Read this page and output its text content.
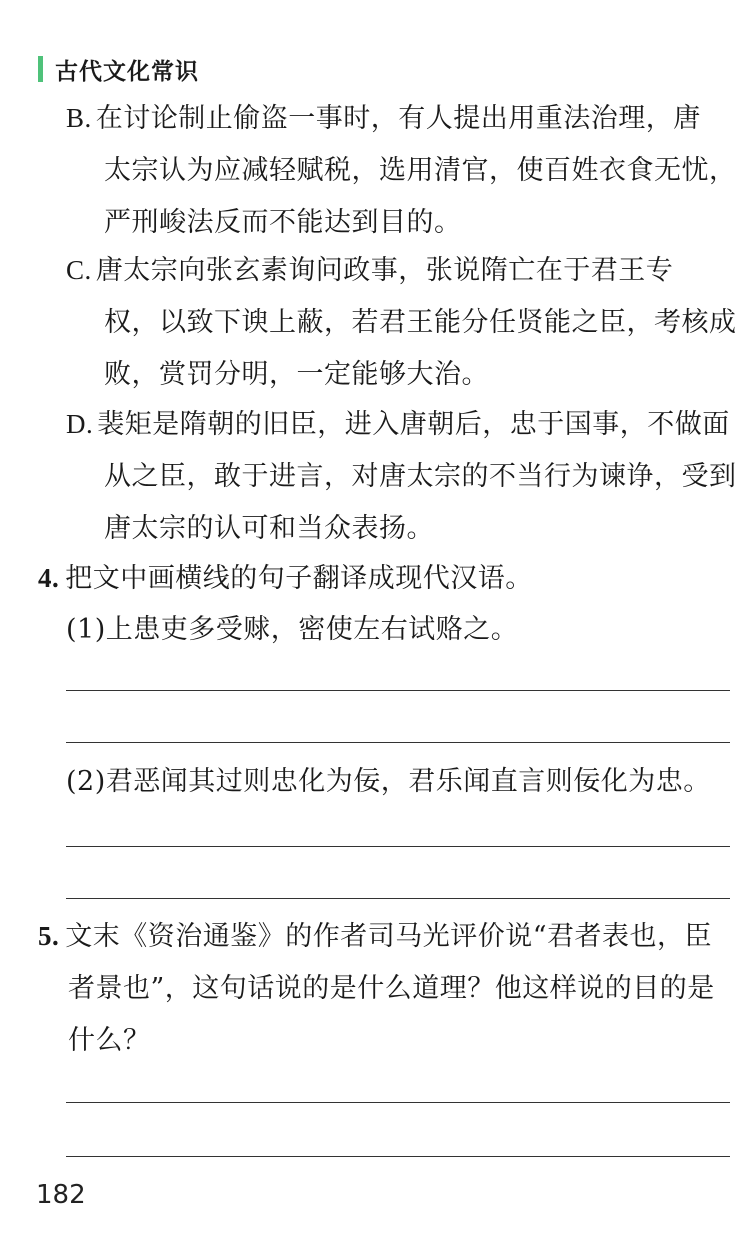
古代文化常识
B. 在讨论制止偷盗一事时，有人提出用重法治理，唐
太宗认为应减轻赋税，选用清官，使百姓衣食无忧，
严刑峻法反而不能达到目的。
C. 唐太宗向张玄素询问政事，张说隋亡在于君王专
权，以致下谀上蔽，若君王能分任贤能之臣，考核成
败，赏罚分明，一定能够大治。
D. 裴矩是隋朝的旧臣，进入唐朝后，忠于国事，不做面
从之臣，敢于进言，对唐太宗的不当行为谏诤，受到
唐太宗的认可和当众表扬。
4. 把文中画横线的句子翻译成现代汉语。
(1)上患吏多受赇，密使左右试赂之。
(2)君恶闻其过则忠化为佞，君乐闻直言则佞化为忠。
5. 文末《资治通鉴》的作者司马光评价说“君者表也，臣
者景也”，这句话说的是什么道理？他这样说的目的是
什么？
182
